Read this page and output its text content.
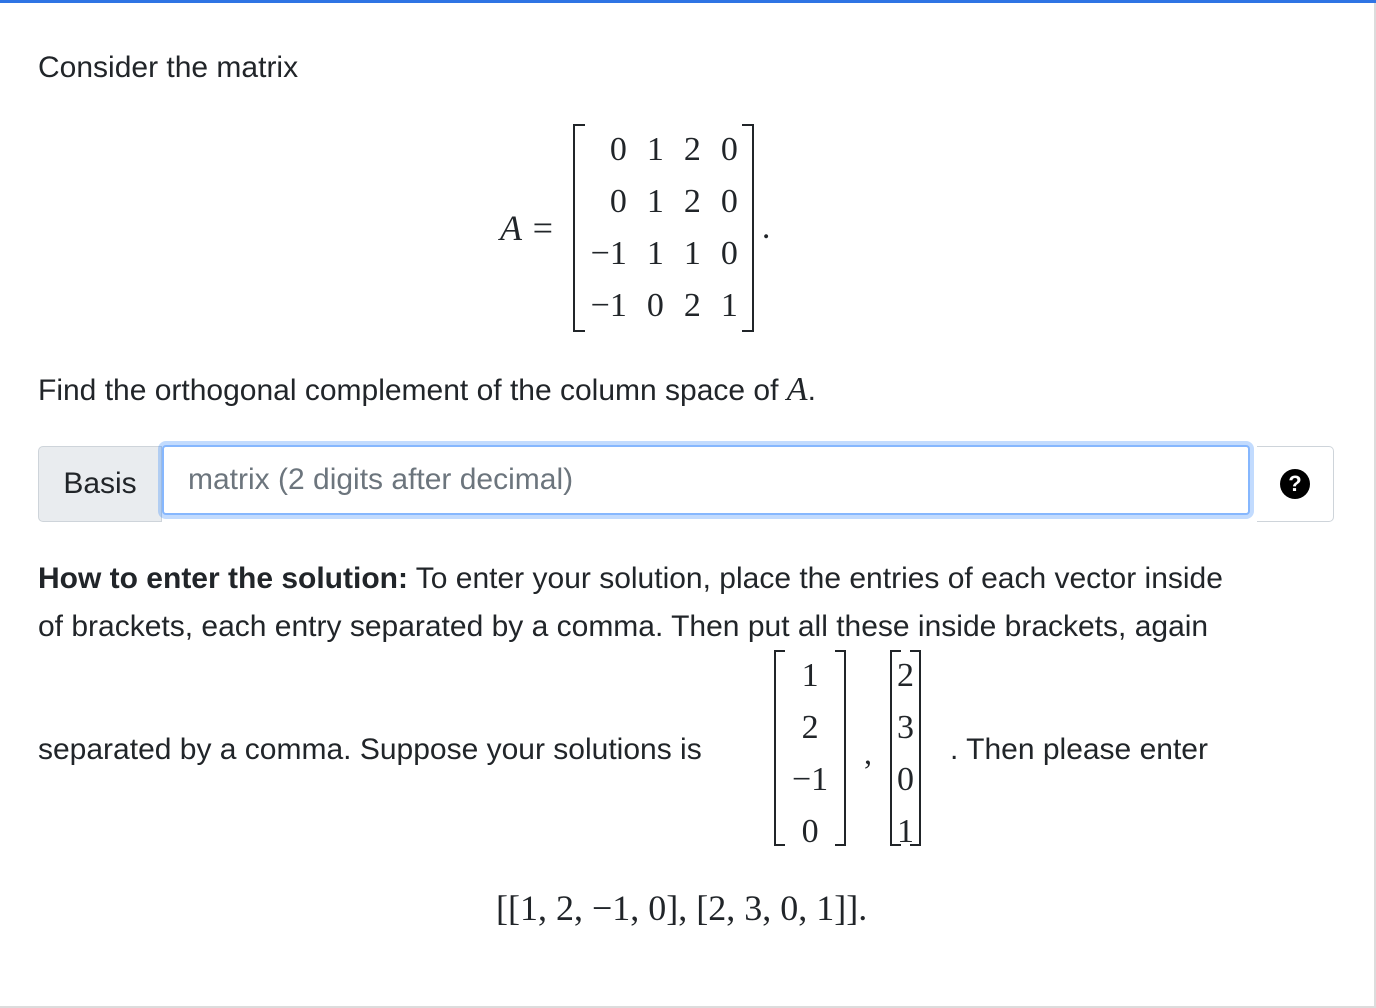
Consider the matrix

A =
0	1	2	0
0	1	2	0
−1	1	1	0
−1	0	2	1
.

Find the orthogonal complement of the column space of A.

Basis
matrix (2 digits after decimal)	?

How to enter the solution: To enter your solution, place the entries of each vector inside

of brackets, each entry separated by a comma. Then put all these inside brackets, again

separated by a comma. Suppose your solutions is

1
2
−1
0
,
2
3
0
1

. Then please enter

[[1, 2, −1, 0], [2, 3, 0, 1]].
